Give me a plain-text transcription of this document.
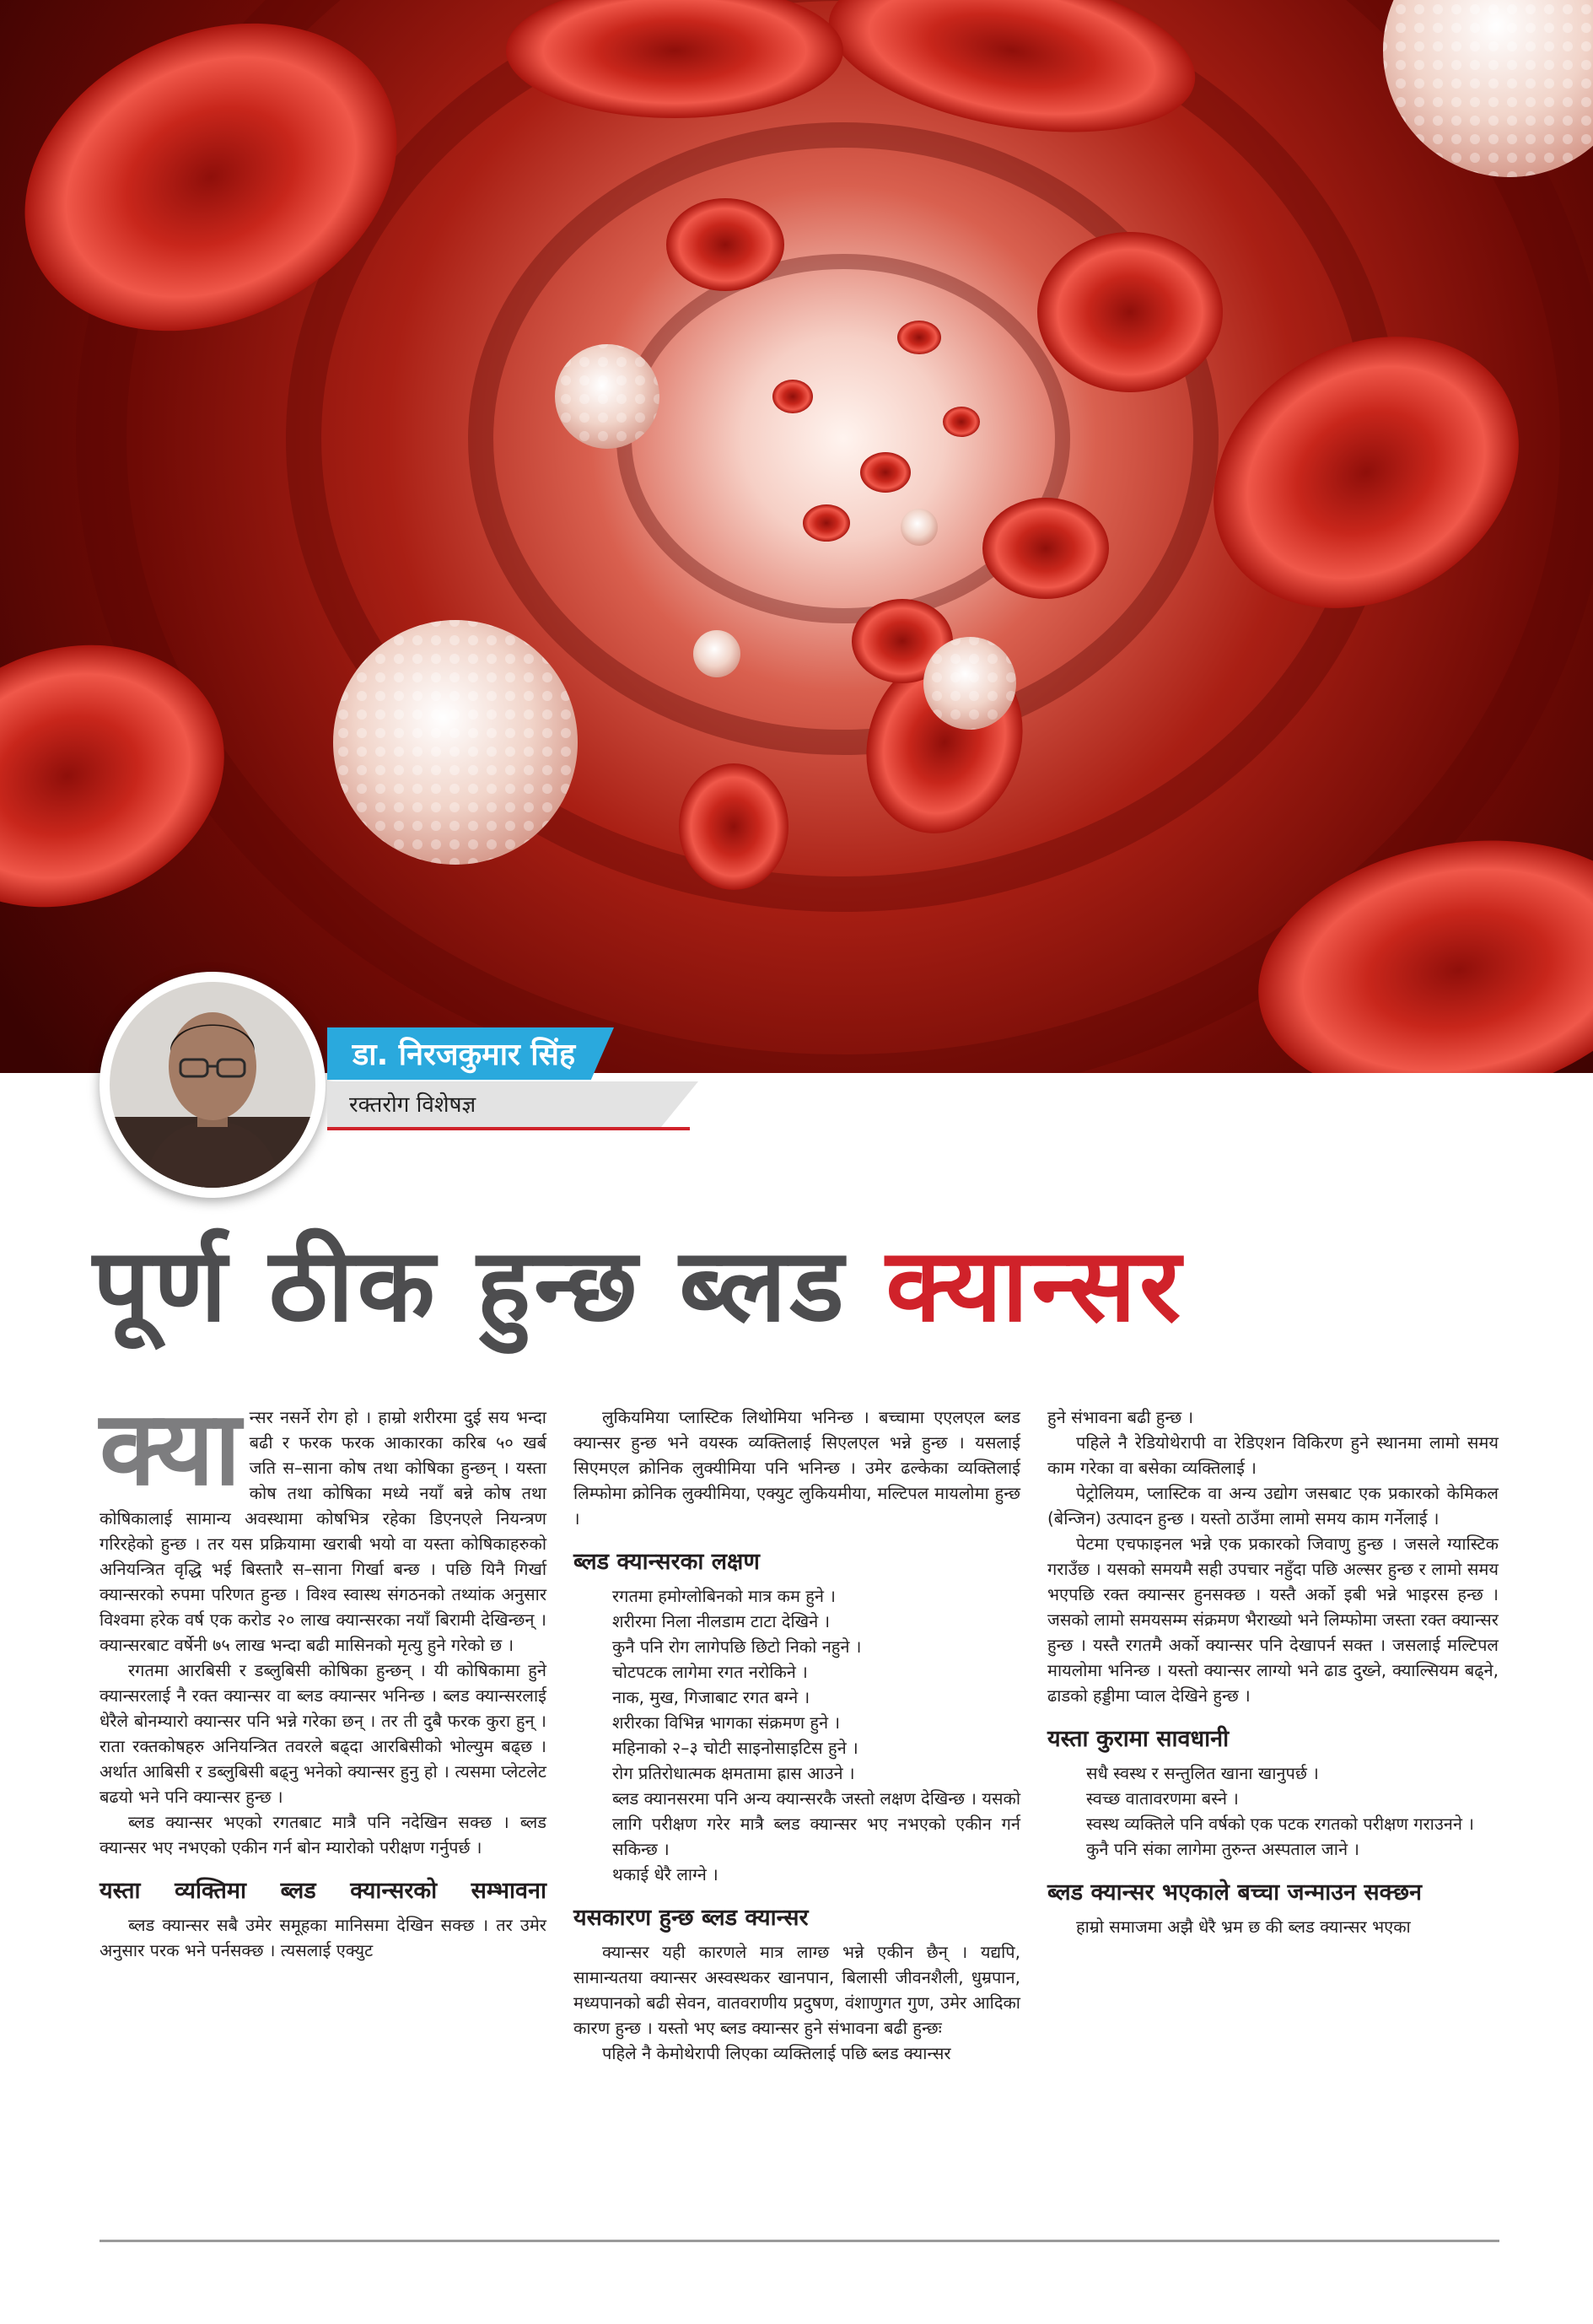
डा. निरजकुमार सिंह
रक्तरोग विशेषज्ञ
पूर्ण ठीक हुन्छ ब्लड क्यान्सर
क्या न्सर नसर्ने रोग हो । हाम्रो शरीरमा दुई सय भन्दा बढी र फरक फरक आकारका करिब ५० खर्ब जति स–साना कोष तथा कोषिका हुन्छन् । यस्ता कोष तथा कोषिका मध्ये नयाँ बन्ने कोष तथा कोषिकालाई सामान्य अवस्थामा कोषभित्र रहेका डिएनएले नियन्त्रण गरिरहेको हुन्छ । तर यस प्रक्रियामा खराबी भयो वा यस्ता कोषिकाहरुको अनियन्त्रित वृद्धि भई बिस्तारै स–साना गिर्खा बन्छ । पछि यिनै गिर्खा क्यान्सरको रुपमा परिणत हुन्छ । विश्व स्वास्थ संगठनको तथ्यांक अनुसार विश्वमा हरेक वर्ष एक करोड २० लाख क्यान्सरका नयाँ बिरामी देखिन्छन् । क्यान्सरबाट वर्षेनी ७५ लाख भन्दा बढी मासिनको मृत्यु हुने गरेको छ ।

रगतमा आरबिसी र डब्लुबिसी कोषिका हुन्छन् । यी कोषिकामा हुने क्यान्सरलाई नै रक्त क्यान्सर वा ब्लड क्यान्सर भनिन्छ । ब्लड क्यान्सरलाई धेरैले बोनम्यारो क्यान्सर पनि भन्ने गरेका छन् । तर ती दुबै फरक कुरा हुन् । राता रक्तकोषहरु अनियन्त्रित तवरले बढ्दा आरबिसीको भोल्युम बढ्छ । अर्थात आबिसी र डब्लुबिसी बढ्नु भनेको क्यान्सर हुनु हो । त्यसमा प्लेटलेट बढयो भने पनि क्यान्सर हुन्छ ।

ब्लड क्यान्सर भएको रगतबाट मात्रै पनि नदेखिन सक्छ । ब्लड क्यान्सर भए नभएको एकीन गर्न बोन म्यारोको परीक्षण गर्नुपर्छ ।

यस्ता व्यक्तिमा ब्लड क्यान्सरको सम्भावना

ब्लड क्यान्सर सबै उमेर समूहका मानिसमा देखिन सक्छ । तर उमेर अनुसार परक भने पर्नसक्छ । त्यसलाई एक्युट

लुकियमिया प्लास्टिक लिथोमिया भनिन्छ । बच्चामा एएलएल ब्लड क्यान्सर हुन्छ भने वयस्क व्यक्तिलाई सिएलएल भन्ने हुन्छ । यसलाई सिएमएल क्रोनिक लुक्यीमिया पनि भनिन्छ । उमेर ढल्केका व्यक्तिलाई लिम्फोमा क्रोनिक लुक्यीमिया, एक्युट लुकियमीया, मल्टिपल मायलोमा हुन्छ ।

ब्लड क्यान्सरका लक्षण
रगतमा हमोग्लोबिनको मात्र कम हुने ।
शरीरमा निला नीलडाम टाटा देखिने ।
कुनै पनि रोग लागेपछि छिटो निको नहुने ।
चोटपटक लागेमा रगत नरोकिने ।
नाक, मुख, गिजाबाट रगत बग्ने ।
शरीरका विभिन्न भागका संक्रमण हुने ।
महिनाको २–३ चोटी साइनोसाइटिस हुने ।
रोग प्रतिरोधात्मक क्षमतामा ह्रास आउने ।
ब्लड क्यानसरमा पनि अन्य क्यान्सरकै जस्तो लक्षण देखिन्छ । यसको लागि परीक्षण गरेर मात्रै ब्लड क्यान्सर भए नभएको एकीन गर्न सकिन्छ ।
थकाई धेरै लाग्ने ।
यसकारण हुन्छ ब्लड क्यान्सर

क्यान्सर यही कारणले मात्र लाग्छ भन्ने एकीन छैन् । यद्यपि, सामान्यतया क्यान्सर अस्वस्थकर खानपान, बिलासी जीवनशैली, धुम्रपान, मध्यपानको बढी सेवन, वातवराणीय प्रदुषण, वंशाणुगत गुण, उमेर आदिका कारण हुन्छ । यस्तो भए ब्लड क्यान्सर हुने संभावना बढी हुन्छः

पहिले नै केमोथेरापी लिएका व्यक्तिलाई पछि ब्लड क्यान्सर

हुने संभावना बढी हुन्छ ।

पहिले नै रेडियोथेरापी वा रेडिएशन विकिरण हुने स्थानमा लामो समय काम गरेका वा बसेका व्यक्तिलाई ।

पेट्रोलियम, प्लास्टिक वा अन्य उद्योग जसबाट एक प्रकारको केमिकल (बेन्जिन) उत्पादन हुन्छ । यस्तो ठाउँमा लामो समय काम गर्नेलाई ।

पेटमा एचफाइनल भन्ने एक प्रकारको जिवाणु हुन्छ । जसले ग्यास्टिक गराउँछ । यसको समयमै सही उपचार नहुँदा पछि अल्सर हुन्छ र लामो समय भएपछि रक्त क्यान्सर हुनसक्छ । यस्तै अर्को इबी भन्ने भाइरस हन्छ । जसको लामो समयसम्म संक्रमण भैराख्यो भने लिम्फोमा जस्ता रक्त क्यान्सर हुन्छ । यस्तै रगतमै अर्को क्यान्सर पनि देखापर्न सक्त । जसलाई मल्टिपल मायलोमा भनिन्छ । यस्तो क्यान्सर लाग्यो भने ढाड दुख्ने, क्याल्सियम बढ्ने, ढाडको हड्डीमा प्वाल देखिने हुन्छ ।

यस्ता कुरामा सावधानी
सधै स्वस्थ र सन्तुलित खाना खानुपर्छ ।
स्वच्छ वातावरणमा बस्ने ।
स्वस्थ व्यक्तिले पनि वर्षको एक पटक रगतको परीक्षण गराउनने ।
कुनै पनि संका लागेमा तुरुन्त अस्पताल जाने ।
ब्लड क्यान्सर भएकाले बच्चा जन्माउन सक्छन

हाम्रो समाजमा अझै धेरै भ्रम छ की ब्लड क्यान्सर भएका
